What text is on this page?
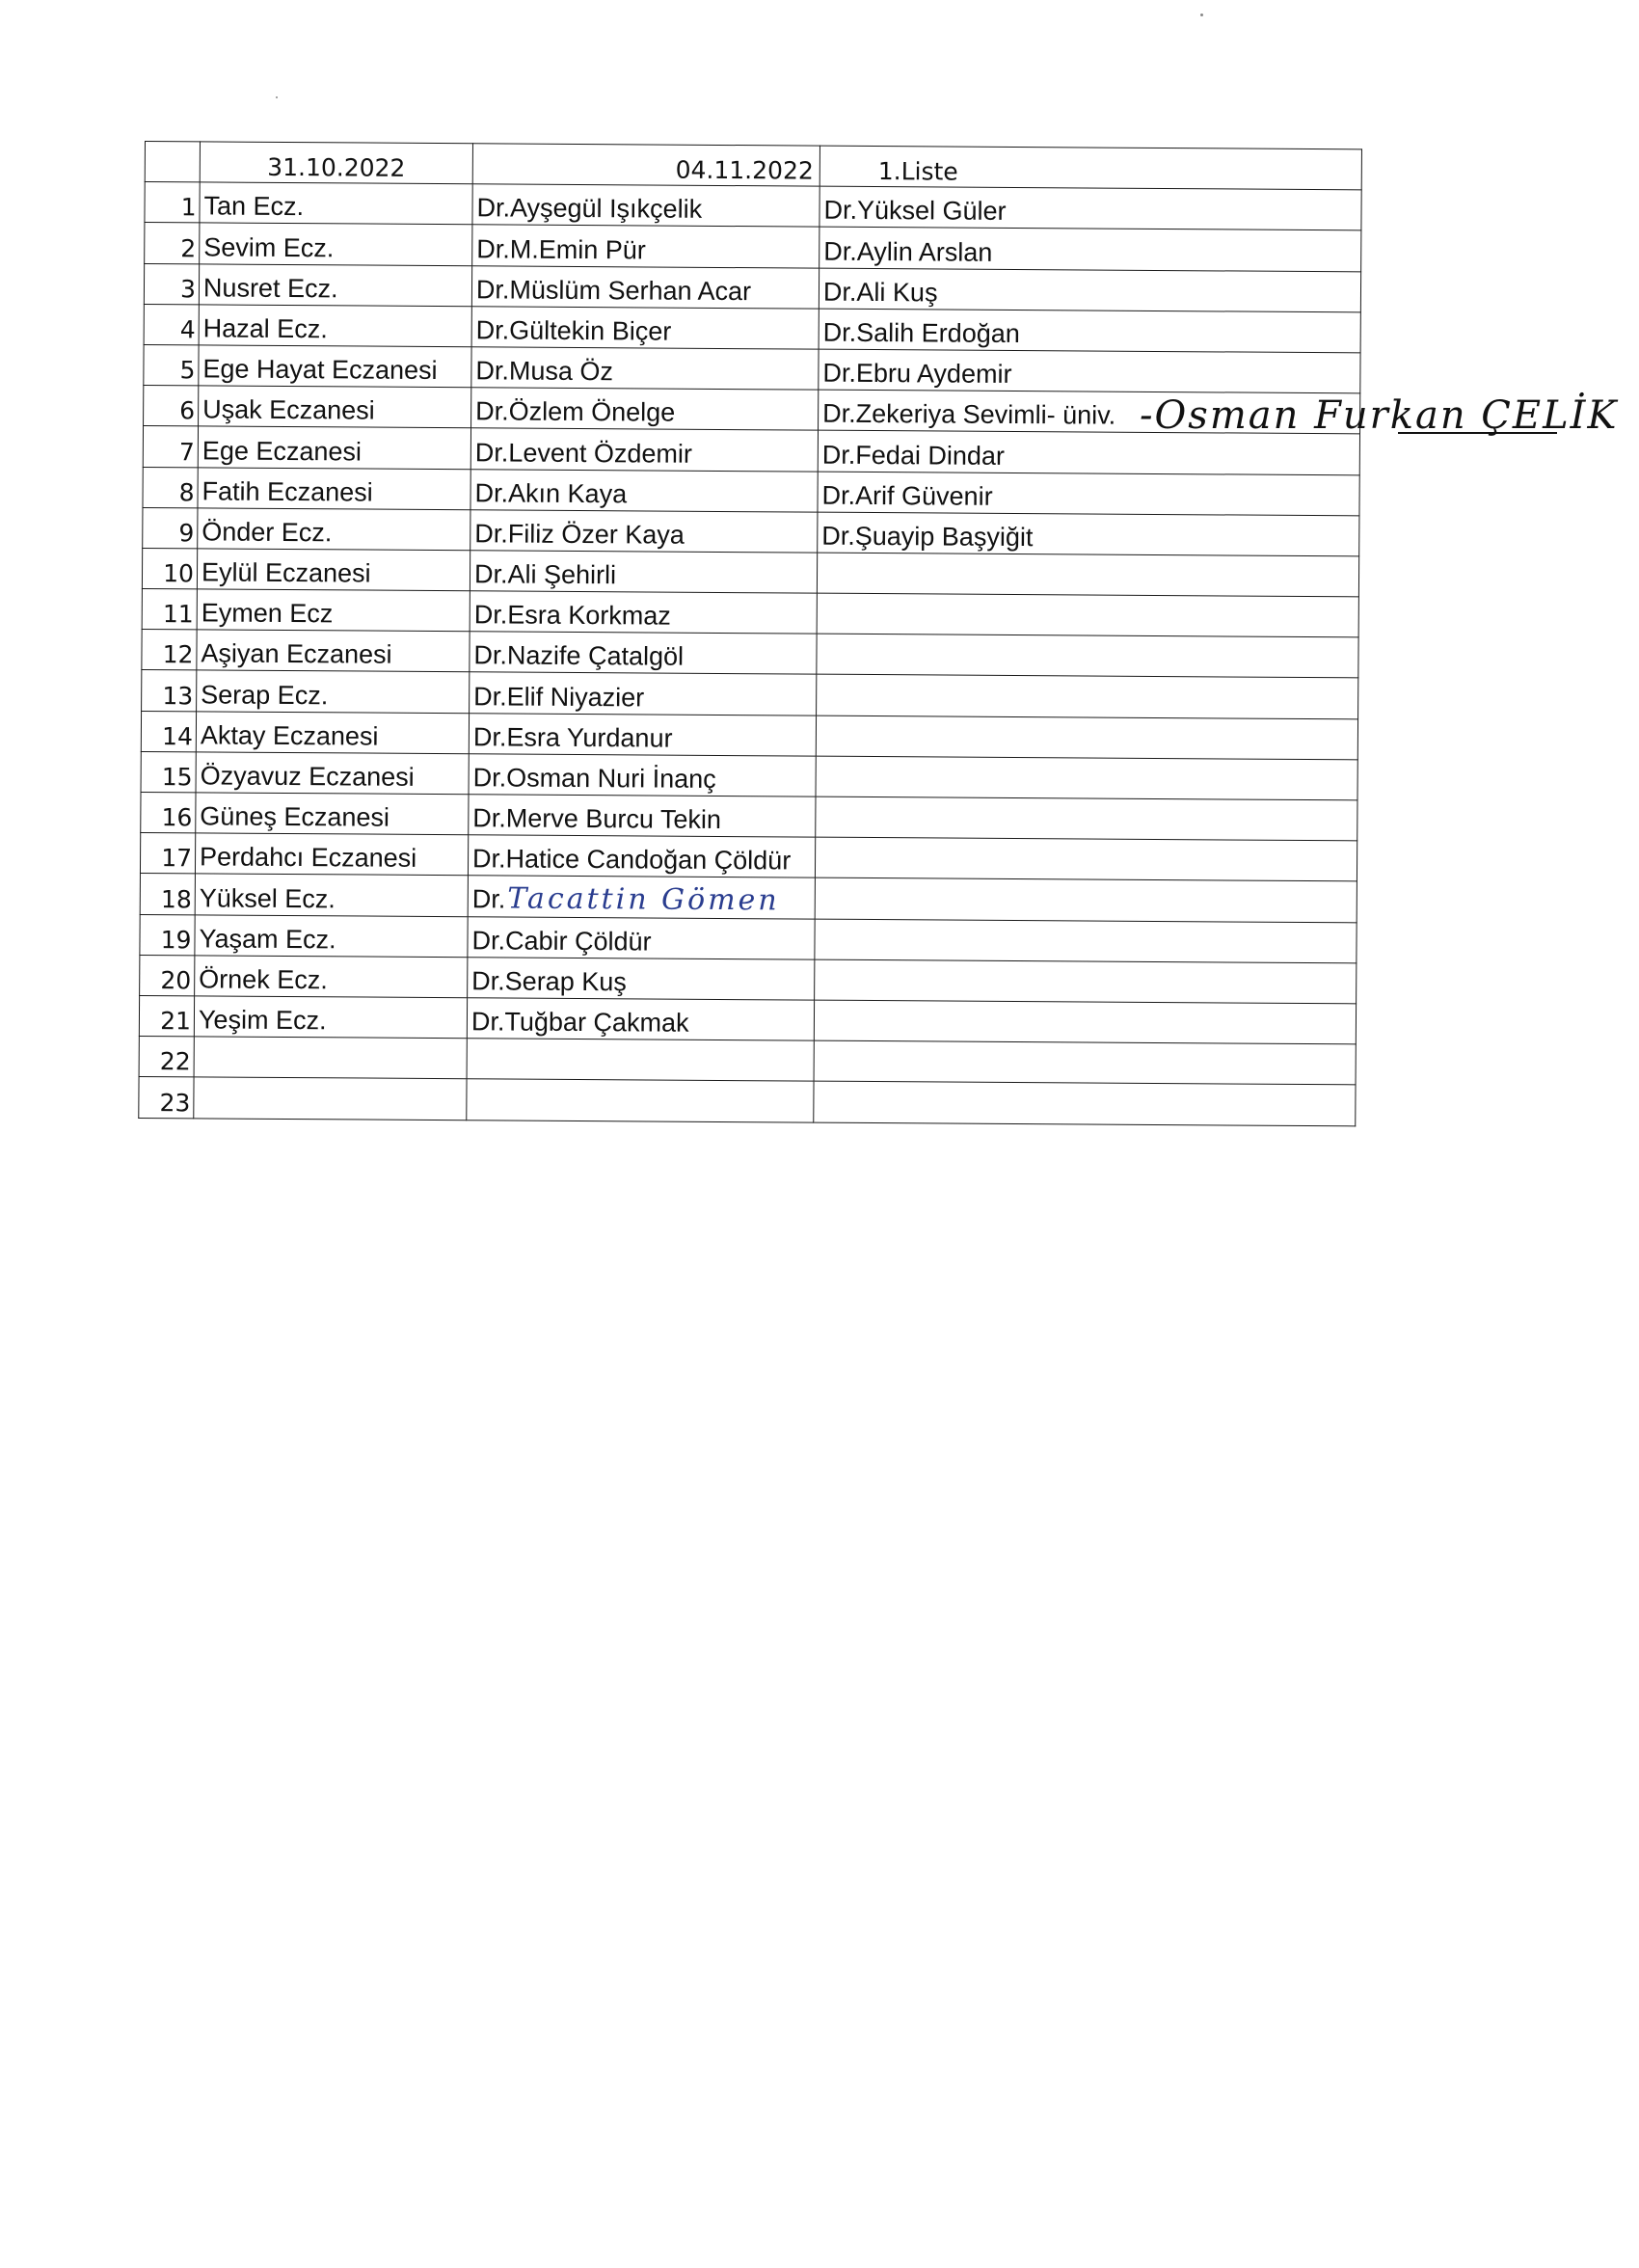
	31.10.2022	04.11.2022	1.Liste
1	Tan Ecz.	Dr.Ayşegül Işıkçelik	Dr.Yüksel Güler
2	Sevim Ecz.	Dr.M.Emin Pür	Dr.Aylin Arslan
3	Nusret Ecz.	Dr.Müslüm Serhan Acar	Dr.Ali Kuş
4	Hazal Ecz.	Dr.Gültekin Biçer	Dr.Salih Erdoğan
5	Ege Hayat Eczanesi	Dr.Musa Öz	Dr.Ebru Aydemir
6	Uşak Eczanesi	Dr.Özlem Önelge	Dr.Zekeriya Sevimli- üniv.
7	Ege Eczanesi	Dr.Levent Özdemir	Dr.Fedai Dindar
8	Fatih Eczanesi	Dr.Akın Kaya	Dr.Arif Güvenir
9	Önder Ecz.	Dr.Filiz Özer Kaya	Dr.Şuayip Başyiğit
10	Eylül Eczanesi	Dr.Ali Şehirli	
11	Eymen Ecz	Dr.Esra Korkmaz	
12	Aşiyan Eczanesi	Dr.Nazife Çatalgöl	
13	Serap Ecz.	Dr.Elif Niyazier	
14	Aktay Eczanesi	Dr.Esra Yurdanur	
15	Özyavuz Eczanesi	Dr.Osman Nuri İnanç	
16	Güneş Eczanesi	Dr.Merve Burcu Tekin	
17	Perdahcı Eczanesi	Dr.Hatice Candoğan Çöldür	
18	Yüksel Ecz.	Dr.Tacattin Gömen	
19	Yaşam Ecz.	Dr.Cabir Çöldür	
20	Örnek Ecz.	Dr.Serap Kuş	
21	Yeşim Ecz.	Dr.Tuğbar Çakmak	
22			
23			
-Osman Furkan ÇELİK
